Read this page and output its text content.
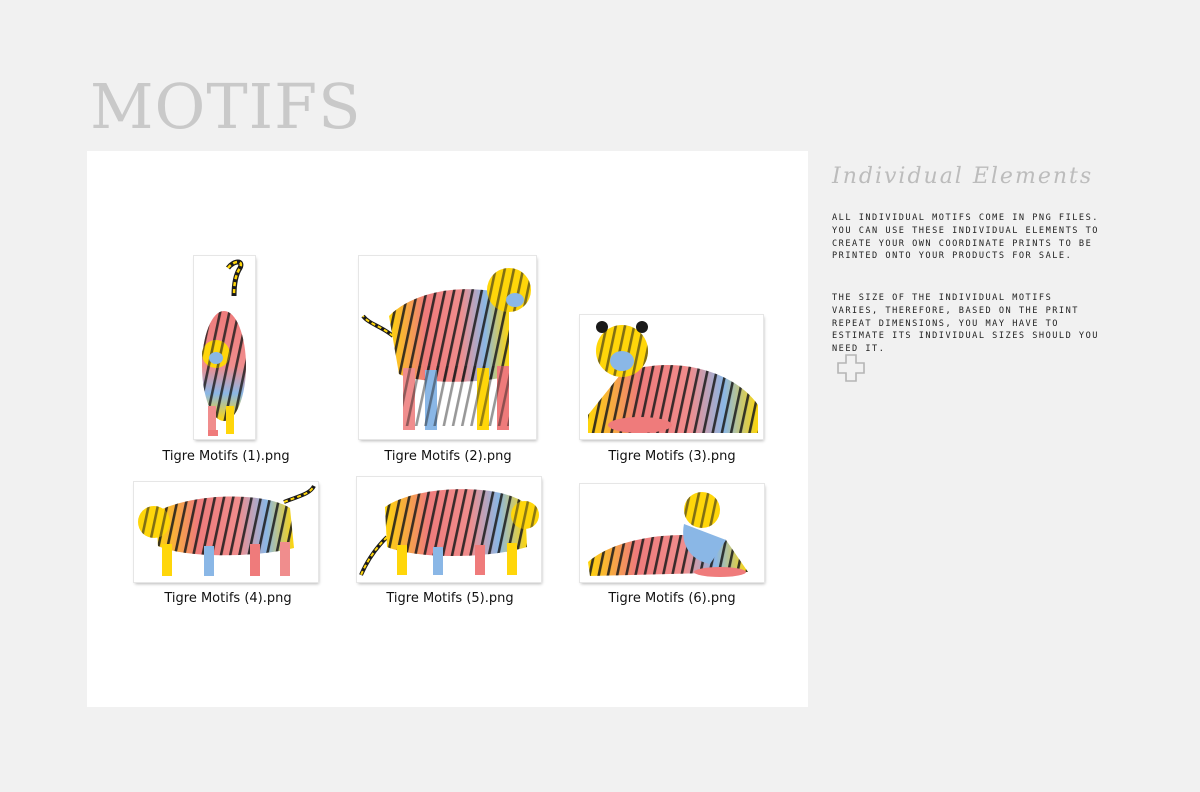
MOTIFS
Tigre Motifs (1).png	Tigre Motifs (2).png	Tigre Motifs (3).png
Tigre Motifs (4).png	Tigre Motifs (5).png	Tigre Motifs (6).png
Individual Elements

ALL INDIVIDUAL MOTIFS COME IN PNG FILES. YOU CAN USE THESE INDIVIDUAL ELEMENTS TO CREATE YOUR OWN COORDINATE PRINTS TO BE PRINTED ONTO YOUR PRODUCTS FOR SALE.

THE SIZE OF THE INDIVIDUAL MOTIFS VARIES, THEREFORE, BASED ON THE PRINT REPEAT DIMENSIONS, YOU MAY HAVE TO ESTIMATE ITS INDIVIDUAL SIZES SHOULD YOU NEED IT.
